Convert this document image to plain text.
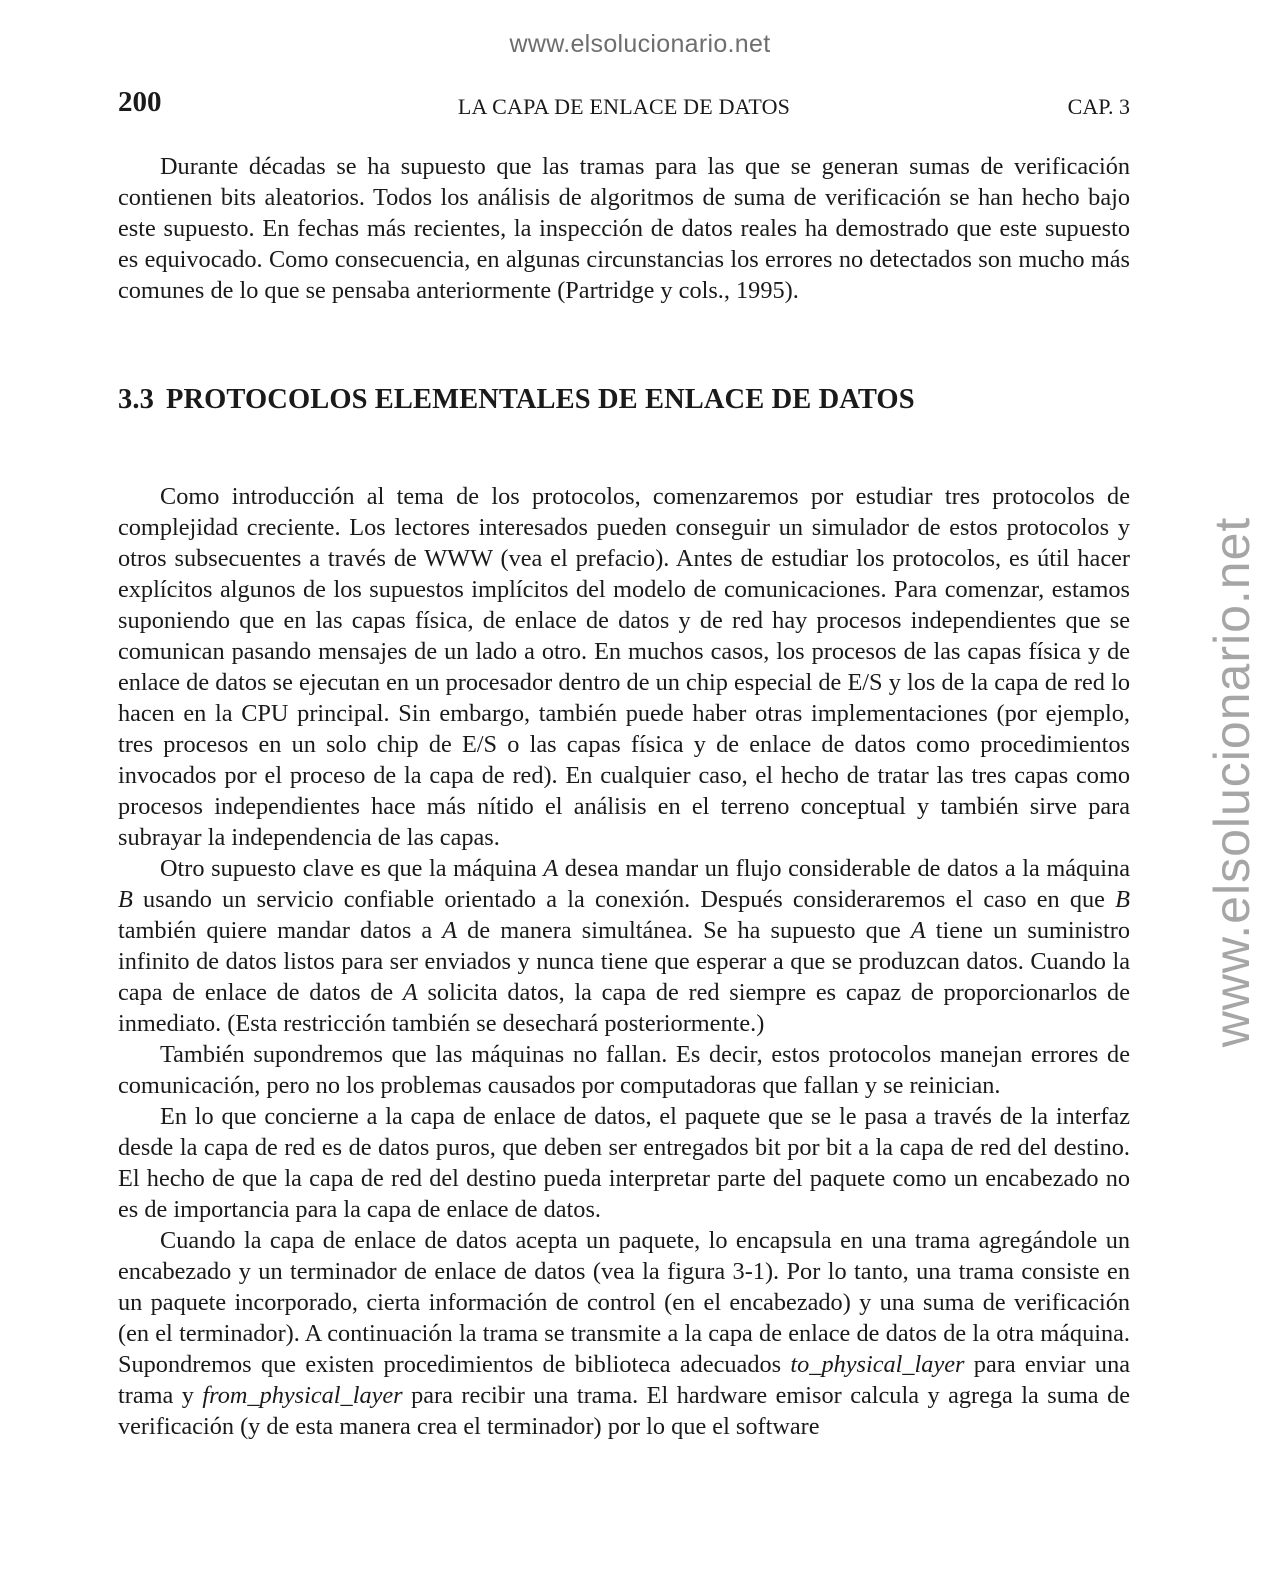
www.elsolucionario.net
www.elsolucionario.net
200	LA CAPA DE ENLACE DE DATOS	CAP. 3

Durante décadas se ha supuesto que las tramas para las que se generan sumas de verificación contienen bits aleatorios. Todos los análisis de algoritmos de suma de verificación se han hecho bajo este supuesto. En fechas más recientes, la inspección de datos reales ha demostrado que este supuesto es equivocado. Como consecuencia, en algunas circunstancias los errores no detectados son mucho más comunes de lo que se pensaba anteriormente (Partridge y cols., 1995).

3.3 PROTOCOLOS ELEMENTALES DE ENLACE DE DATOS

Como introducción al tema de los protocolos, comenzaremos por estudiar tres protocolos de complejidad creciente. Los lectores interesados pueden conseguir un simulador de estos protocolos y otros subsecuentes a través de WWW (vea el prefacio). Antes de estudiar los protocolos, es útil hacer explícitos algunos de los supuestos implícitos del modelo de comunicaciones. Para comenzar, estamos suponiendo que en las capas física, de enlace de datos y de red hay procesos independientes que se comunican pasando mensajes de un lado a otro. En muchos casos, los procesos de las capas física y de enlace de datos se ejecutan en un procesador dentro de un chip especial de E/S y los de la capa de red lo hacen en la CPU principal. Sin embargo, también puede haber otras implementaciones (por ejemplo, tres procesos en un solo chip de E/S o las capas física y de enlace de datos como procedimientos invocados por el proceso de la capa de red). En cualquier caso, el hecho de tratar las tres capas como procesos independientes hace más nítido el análisis en el terreno conceptual y también sirve para subrayar la independencia de las capas.

Otro supuesto clave es que la máquina A desea mandar un flujo considerable de datos a la máquina B usando un servicio confiable orientado a la conexión. Después consideraremos el caso en que B también quiere mandar datos a A de manera simultánea. Se ha supuesto que A tiene un suministro infinito de datos listos para ser enviados y nunca tiene que esperar a que se produzcan datos. Cuando la capa de enlace de datos de A solicita datos, la capa de red siempre es capaz de proporcionarlos de inmediato. (Esta restricción también se desechará posteriormente.)

También supondremos que las máquinas no fallan. Es decir, estos protocolos manejan errores de comunicación, pero no los problemas causados por computadoras que fallan y se reinician.

En lo que concierne a la capa de enlace de datos, el paquete que se le pasa a través de la interfaz desde la capa de red es de datos puros, que deben ser entregados bit por bit a la capa de red del destino. El hecho de que la capa de red del destino pueda interpretar parte del paquete como un encabezado no es de importancia para la capa de enlace de datos.

Cuando la capa de enlace de datos acepta un paquete, lo encapsula en una trama agregándole un encabezado y un terminador de enlace de datos (vea la figura 3-1). Por lo tanto, una trama consiste en un paquete incorporado, cierta información de control (en el encabezado) y una suma de verificación (en el terminador). A continuación la trama se transmite a la capa de enlace de datos de la otra máquina. Supondremos que existen procedimientos de biblioteca adecuados to_physical_layer para enviar una trama y from_physical_layer para recibir una trama. El hardware emisor calcula y agrega la suma de verificación (y de esta manera crea el terminador) por lo que el software
